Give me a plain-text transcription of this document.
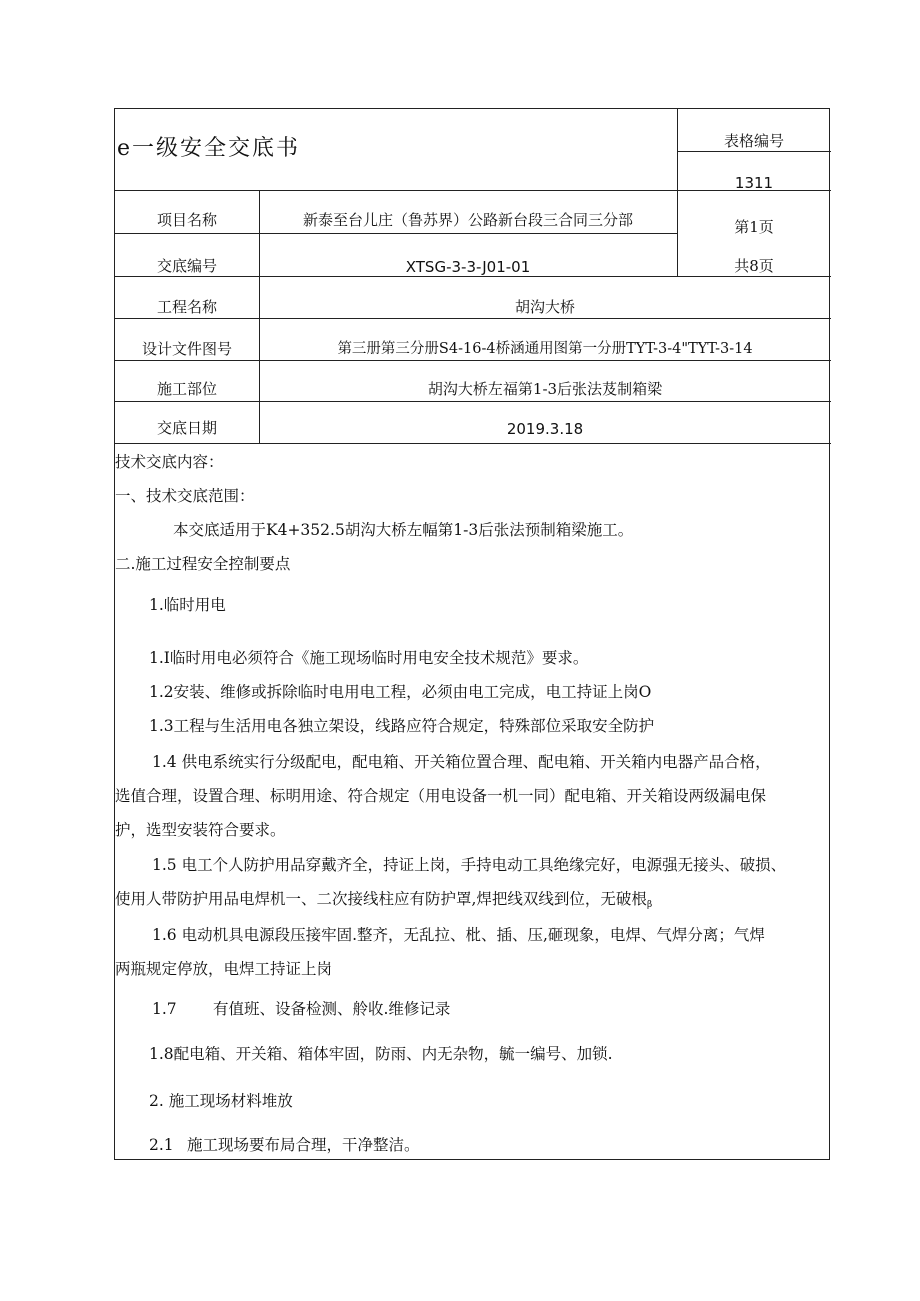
e一级安全交底书	表格编号
1311
第1页
共8页
项目名称	新泰至台儿庄（鲁苏界）公路新台段三合同三分部
交底编号	XTSG-3-3-J01-01
工程名称	胡沟大桥
设计文件图号	第三册第三分册S4-16-4桥涵通用图第一分册TYT-3-4"TYT-3-14
施工部位	胡沟大桥左福第1-3后张法芨制箱梁
交底日期	2019.3.18
技术交底内容：
一、技术交底范围：
本交底适用于K4+352.5胡沟大桥左幅第1-3后张法预制箱梁施工。
二.施工过程安全控制要点
1.临时用电
1.I临时用电必须符合《施工现场临时用电安全技术规范》要求。
1.2安装、维修或拆除临时电用电工程，必须由电工完成，电工持证上岗O
1.3工程与生活用电各独立架设，线路应符合规定，特殊部位采取安全防护
1.4 供电系统实行分级配电，配电箱、开关箱位置合理、配电箱、开关箱内电器产品合格，
选值合理，设置合理、标明用途、符合规定（用电设备一机一同）配电箱、开关箱设两级漏电保
护，选型安装符合要求。
1.5 电工个人防护用品穿戴齐全，持证上岗，手持电动工具绝缘完好，电源强无接头、破损、
使用人带防护用品电焊机一、二次接线柱应有防护罩,焊把线双线到位，无破根β
1.6 电动机具电源段压接牢固.整齐，无乱拉、枇、插、压,砸现象，电焊、气焊分离；气焊
两瓶规定停放，电焊工持证上岗
1.7 有值班、设备检测、舲收.维修记录
1.8配电箱、开关箱、箱体牢固，防雨、内无杂物，毓一编号、加锁.
2. 施工现场材料堆放
2.1 施工现场要布局合理，干净整洁。
